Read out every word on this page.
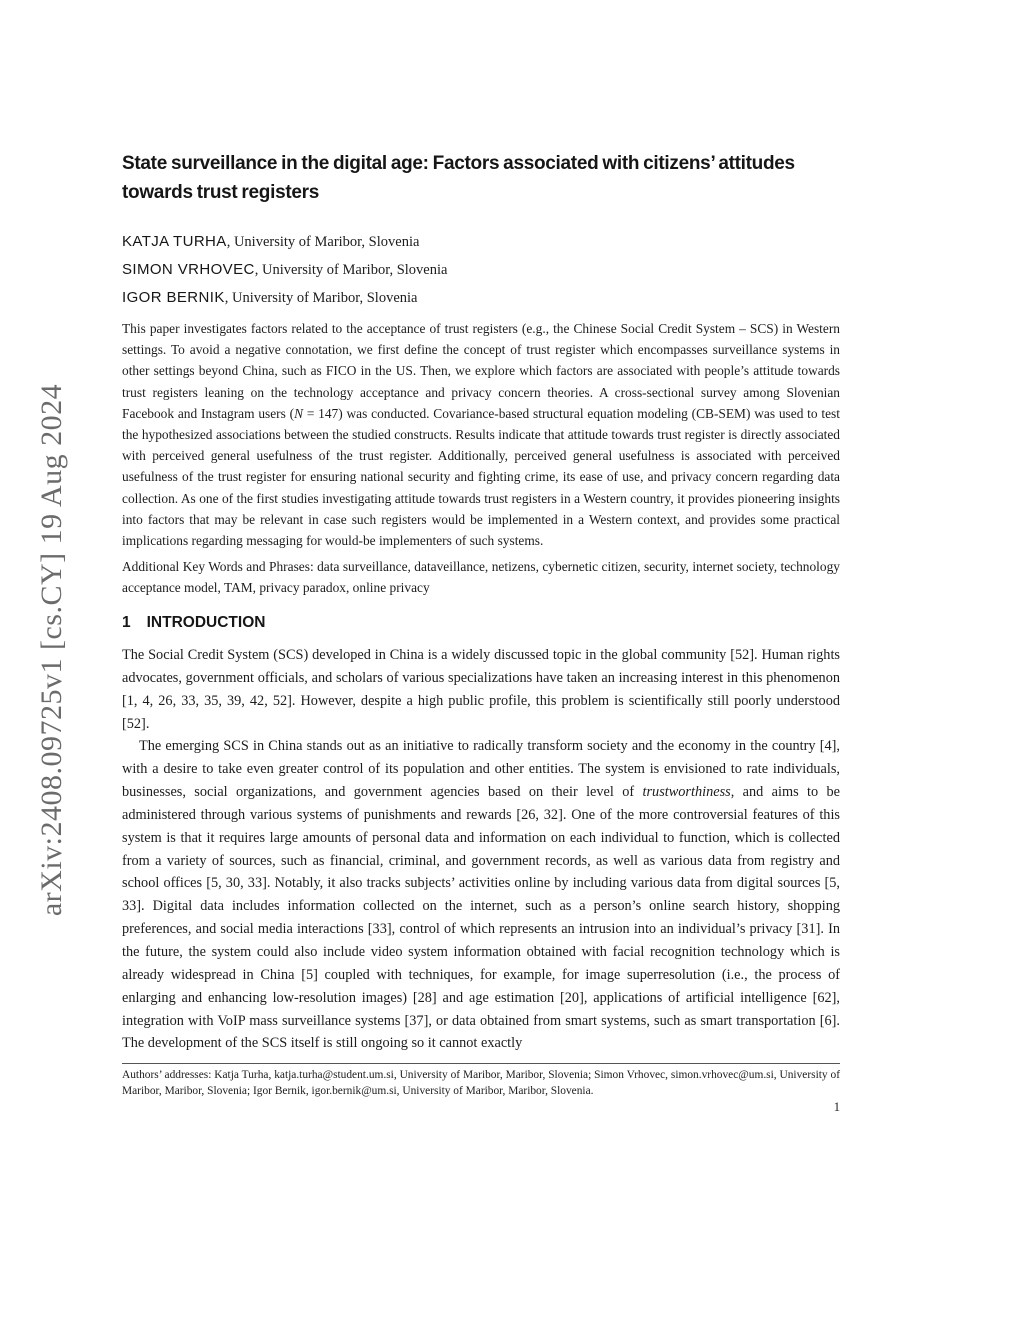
arXiv:2408.09725v1 [cs.CY] 19 Aug 2024
State surveillance in the digital age: Factors associated with citizens’ attitudes towards trust registers
KATJA TURHA, University of Maribor, Slovenia
SIMON VRHOVEC, University of Maribor, Slovenia
IGOR BERNIK, University of Maribor, Slovenia
This paper investigates factors related to the acceptance of trust registers (e.g., the Chinese Social Credit System – SCS) in Western settings. To avoid a negative connotation, we first define the concept of trust register which encompasses surveillance systems in other settings beyond China, such as FICO in the US. Then, we explore which factors are associated with people’s attitude towards trust registers leaning on the technology acceptance and privacy concern theories. A cross-sectional survey among Slovenian Facebook and Instagram users (N = 147) was conducted. Covariance-based structural equation modeling (CB-SEM) was used to test the hypothesized associations between the studied constructs. Results indicate that attitude towards trust register is directly associated with perceived general usefulness of the trust register. Additionally, perceived general usefulness is associated with perceived usefulness of the trust register for ensuring national security and fighting crime, its ease of use, and privacy concern regarding data collection. As one of the first studies investigating attitude towards trust registers in a Western country, it provides pioneering insights into factors that may be relevant in case such registers would be implemented in a Western context, and provides some practical implications regarding messaging for would-be implementers of such systems.
Additional Key Words and Phrases: data surveillance, dataveillance, netizens, cybernetic citizen, security, internet society, technology acceptance model, TAM, privacy paradox, online privacy
1 INTRODUCTION

The Social Credit System (SCS) developed in China is a widely discussed topic in the global community [52]. Human rights advocates, government officials, and scholars of various specializations have taken an increasing interest in this phenomenon [1, 4, 26, 33, 35, 39, 42, 52]. However, despite a high public profile, this problem is scientifically still poorly understood [52].

The emerging SCS in China stands out as an initiative to radically transform society and the economy in the country [4], with a desire to take even greater control of its population and other entities. The system is envisioned to rate individuals, businesses, social organizations, and government agencies based on their level of trustworthiness, and aims to be administered through various systems of punishments and rewards [26, 32]. One of the more controversial features of this system is that it requires large amounts of personal data and information on each individual to function, which is collected from a variety of sources, such as financial, criminal, and government records, as well as various data from registry and school offices [5, 30, 33]. Notably, it also tracks subjects’ activities online by including various data from digital sources [5, 33]. Digital data includes information collected on the internet, such as a person’s online search history, shopping preferences, and social media interactions [33], control of which represents an intrusion into an individual’s privacy [31]. In the future, the system could also include video system information obtained with facial recognition technology which is already widespread in China [5] coupled with techniques, for example, for image superresolution (i.e., the process of enlarging and enhancing low-resolution images) [28] and age estimation [20], applications of artificial intelligence [62], integration with VoIP mass surveillance systems [37], or data obtained from smart systems, such as smart transportation [6]. The development of the SCS itself is still ongoing so it cannot exactly

Authors’ addresses: Katja Turha, katja.turha@student.um.si, University of Maribor, Maribor, Slovenia; Simon Vrhovec, simon.vrhovec@um.si, University of Maribor, Maribor, Slovenia; Igor Bernik, igor.bernik@um.si, University of Maribor, Maribor, Slovenia.
1
